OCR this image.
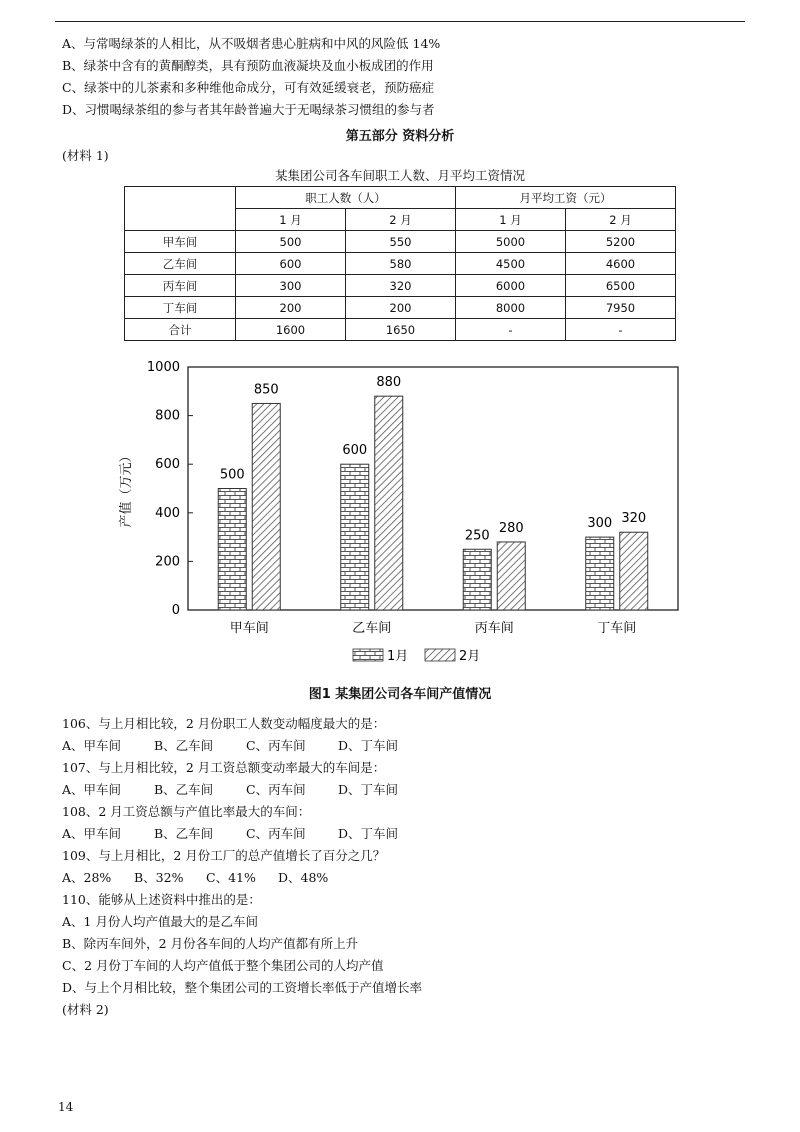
A、与常喝绿茶的人相比，从不吸烟者患心脏病和中风的风险低 14%
B、绿茶中含有的黄酮醇类，具有预防血液凝块及血小板成团的作用
C、绿茶中的儿茶素和多种维他命成分，可有效延缓衰老，预防癌症
D、习惯喝绿茶组的参与者其年龄普遍大于无喝绿茶习惯组的参与者
第五部分 资料分析
(材料 1)
某集团公司各车间职工人数、月平均工资情况
	职工人数（人）		月平均工资（元）	
	1 月	2 月	1 月	2 月
甲车间	500	550	5000	5200
乙车间	600	580	4500	4600
丙车间	300	320	6000	6500
丁车间	200	200	8000	7950
合计	1600	1650	-	-
0
200
400
600
800
1000
产值（万元）	500
850
甲车间
600
880
乙车间
250 280
丙车间
300 320
丁车间
1月	2月
图1 某集团公司各车间产值情况
106、与上月相比较，2 月份职工人数变动幅度最大的是：
A、甲车间	B、乙车间	C、丙车间	D、丁车间
107、与上月相比较，2 月工资总额变动率最大的车间是：
A、甲车间	B、乙车间	C、丙车间	D、丁车间
108、2 月工资总额与产值比率最大的车间：
A、甲车间	B、乙车间	C、丙车间	D、丁车间
109、与上月相比，2 月份工厂的总产值增长了百分之几？
A、28% B、32% C、41% D、48%
110、能够从上述资料中推出的是：
A、1 月份人均产值最大的是乙车间
B、除丙车间外，2 月份各车间的人均产值都有所上升
C、2 月份丁车间的人均产值低于整个集团公司的人均产值
D、与上个月相比较，整个集团公司的工资增长率低于产值增长率
(材料 2)
14
